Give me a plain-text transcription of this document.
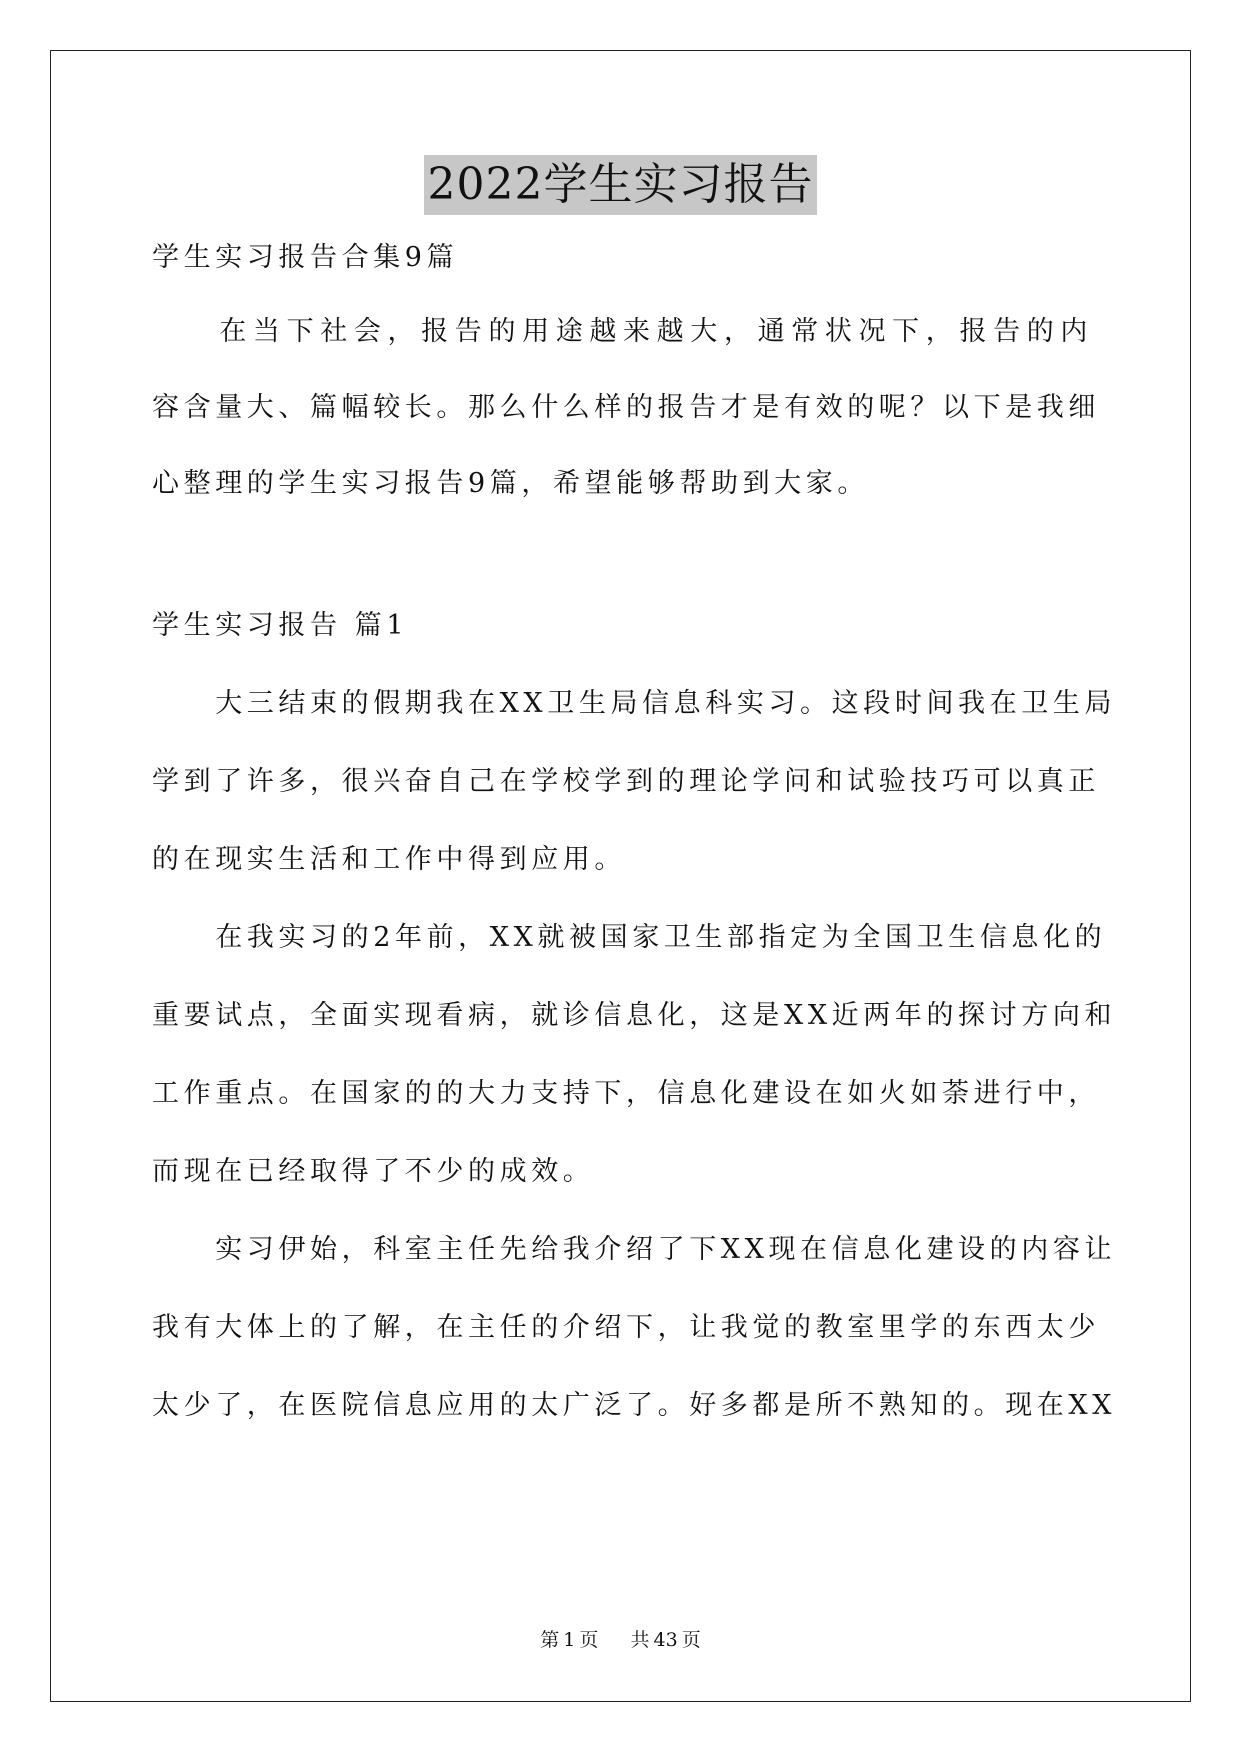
2022学生实习报告
学生实习报告合集9篇
　　在当下社会，报告的用途越来越大，通常状况下，报告的内
容含量大、篇幅较长。那么什么样的报告才是有效的呢？以下是我细
心整理的学生实习报告9篇，希望能够帮助到大家。
学生实习报告 篇1
　　大三结束的假期我在XX卫生局信息科实习。这段时间我在卫生局
学到了许多，很兴奋自己在学校学到的理论学问和试验技巧可以真正
的在现实生活和工作中得到应用。
　　在我实习的2年前，XX就被国家卫生部指定为全国卫生信息化的
重要试点，全面实现看病，就诊信息化，这是XX近两年的探讨方向和
工作重点。在国家的的大力支持下，信息化建设在如火如荼进行中，
而现在已经取得了不少的成效。
　　实习伊始，科室主任先给我介绍了下XX现在信息化建设的内容让
我有大体上的了解，在主任的介绍下，让我觉的教室里学的东西太少
太少了，在医院信息应用的太广泛了。好多都是所不熟知的。现在XX
第 1 页 共 43 页
